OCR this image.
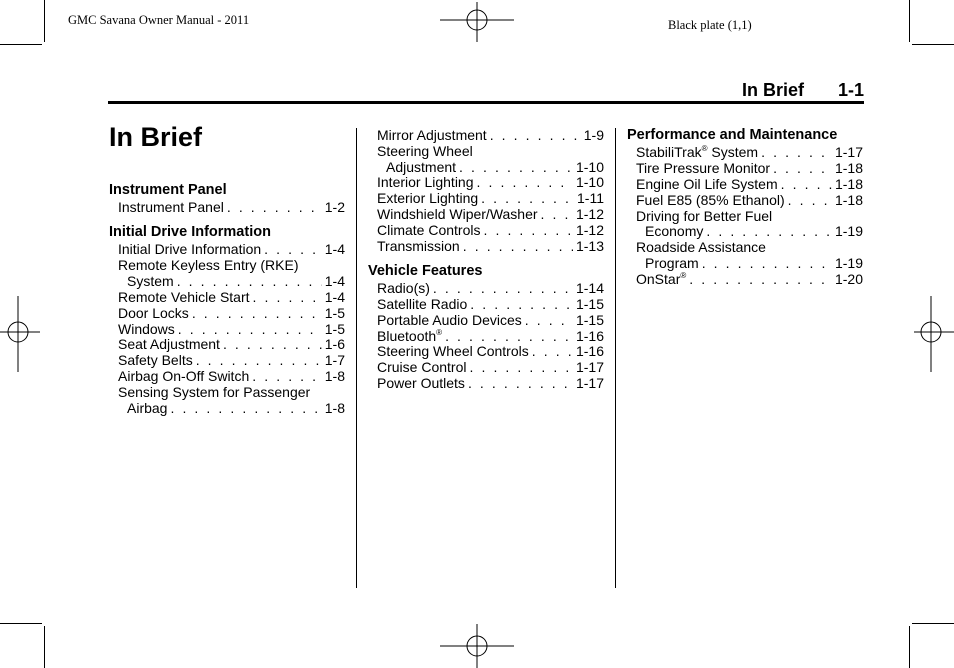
GMC Savana Owner Manual - 2011	Black plate (1,1)
In Brief 1-1
In Brief
Instrument Panel
Instrument Panel . . .	1-2
Initial Drive Information
Initial Drive Information . . .	1-4
Remote Keyless Entry (RKE)
System . . .	1-4
Remote Vehicle Start . . .	1-4
Door Locks . . .	1-5
Windows . . .	1-5
Seat Adjustment . . .	1-6
Safety Belts . . .	1-7
Airbag On-Off Switch . . .	1-8
Sensing System for Passenger
Airbag . . .	1-8
Mirror Adjustment . . .	1-9
Steering Wheel
Adjustment . . .	1-10
Interior Lighting . . .	1-10
Exterior Lighting . . .	1-11
Windshield Wiper/Washer . . .	1-12
Climate Controls . . .	1-12
Transmission . . .	1-13
Vehicle Features
Radio(s) . . .	1-14
Satellite Radio . . .	1-15
Portable Audio Devices . . .	1-15
Bluetooth® . . .	1-16
Steering Wheel Controls . . .	1-16
Cruise Control . . .	1-17
Power Outlets . . .	1-17
Performance and Maintenance
StabiliTrak® System . . .	1-17
Tire Pressure Monitor . . .	1-18
Engine Oil Life System . . .	1-18
Fuel E85 (85% Ethanol) . . .	1-18
Driving for Better Fuel
Economy . . .	1-19
Roadside Assistance
Program . . .	1-19
OnStar® . . .	1-20
